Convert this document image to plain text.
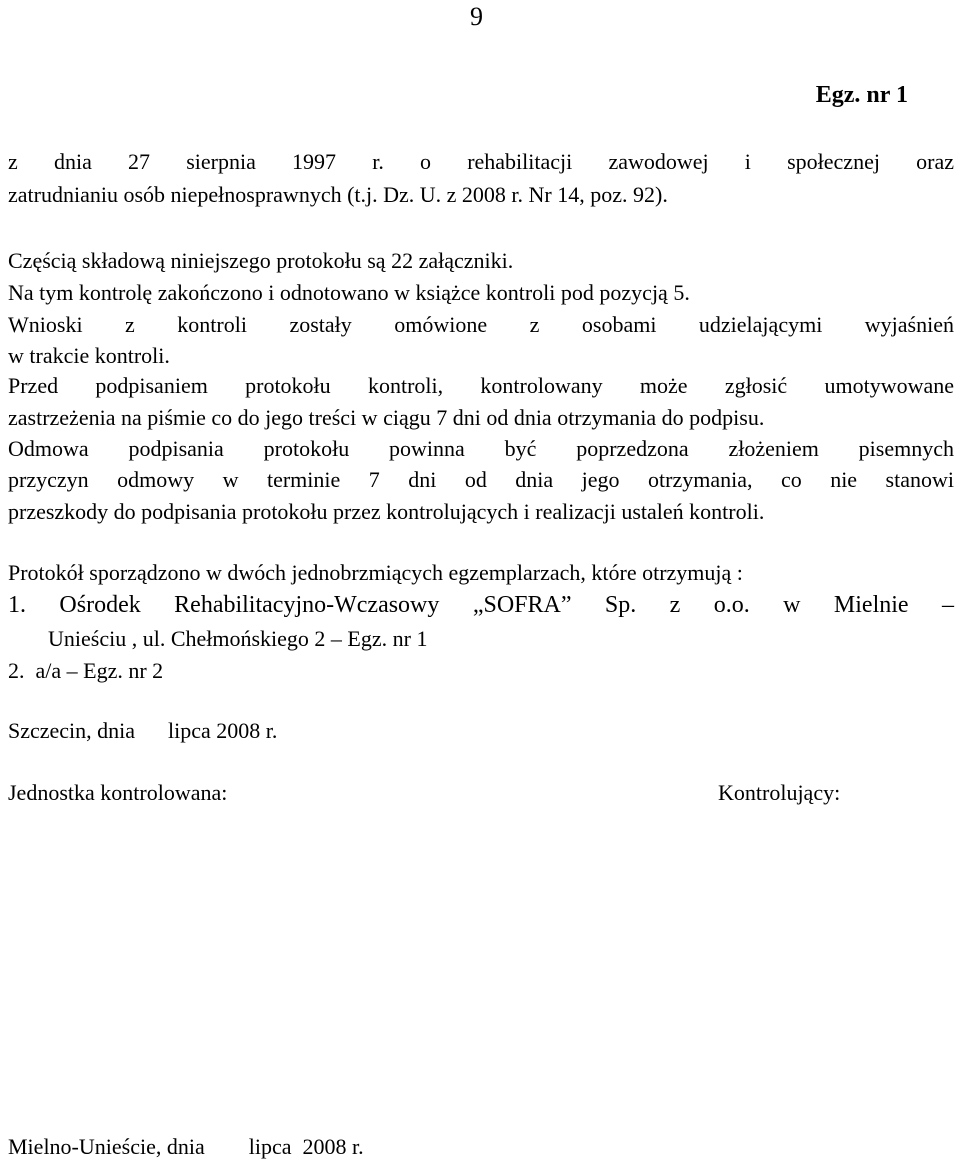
9
Egz. nr 1
z dnia 27 sierpnia 1997 r. o rehabilitacji zawodowej i społecznej oraz
zatrudnianiu osób niepełnosprawnych (t.j. Dz. U. z 2008 r. Nr 14, poz. 92).
Częścią składową niniejszego protokołu są 22 załączniki.
Na tym kontrolę zakończono i odnotowano w książce kontroli pod pozycją 5.
Wnioski z kontroli zostały omówione z osobami udzielającymi wyjaśnień
w trakcie kontroli.
Przed podpisaniem protokołu kontroli, kontrolowany może zgłosić umotywowane
zastrzeżenia na piśmie co do jego treści w ciągu 7 dni od dnia otrzymania do podpisu.
Odmowa podpisania protokołu powinna być poprzedzona złożeniem pisemnych
przyczyn odmowy w terminie 7 dni od dnia jego otrzymania, co nie stanowi
przeszkody do podpisania protokołu przez kontrolujących i realizacji ustaleń kontroli.
Protokół sporządzono w dwóch jednobrzmiących egzemplarzach, które otrzymują :
1. Ośrodek Rehabilitacyjno-Wczasowy „SOFRA” Sp. z o.o. w Mielnie –
Unieściu , ul. Chełmońskiego 2 – Egz. nr 1
2.  a/a – Egz. nr 2
Szczecin, dnia      lipca 2008 r.
Jednostka kontrolowana:	Kontrolujący:
Mielno-Unieście, dnia        lipca  2008 r.
